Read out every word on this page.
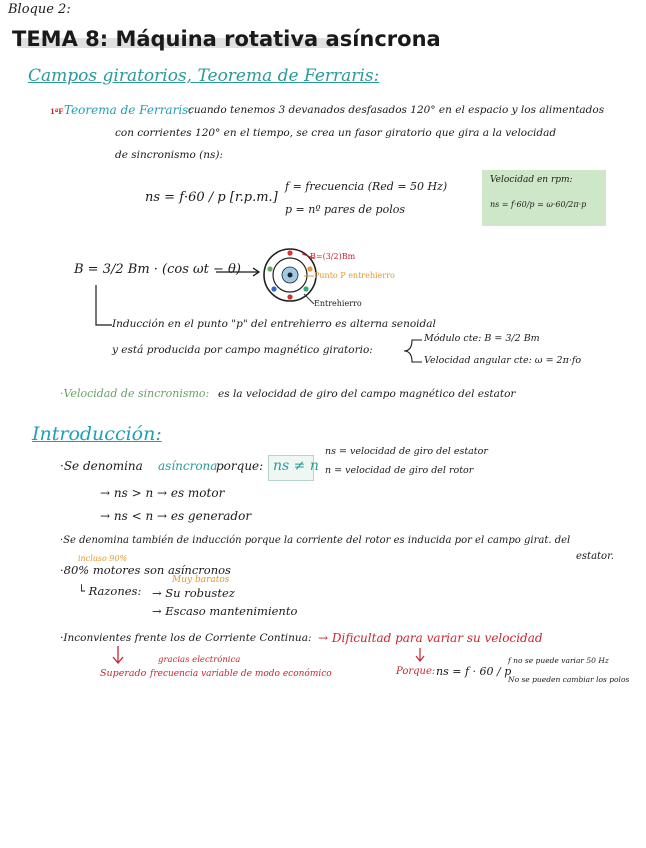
Bloque 2:
TEMA 8: Máquina rotativa asíncrona
Campos giratorios, Teorema de Ferraris:
1ªF Teorema de Ferraris:
cuando tenemos 3 devanados desfasados 120° en el espacio y los alimentados
con corrientes 120° en el tiempo, se crea un fasor giratorio que gira a la velocidad
de sincronismo (ns):
ns = f·60 / p [r.p.m.]
f = frecuencia (Red = 50 Hz)
p = nº pares de polos
Velocidad en rpm:
ns = f·60/p = ω·60/2π·p
B = 3/2 Bm · (cos ωt − θ)
B=(3/2)Bm
Punto P entrehierro
Entrehierro
Inducción en el punto "p" del entrehierro es alterna senoidal
y está producida por campo magnético giratorio:
Módulo cte: B = 3/2 Bm
Velocidad angular cte: ω = 2π·fo
·Velocidad de sincronismo: es la velocidad de giro del campo magnético del estator
Introducción:
·Se denomina asíncrona
porque: ns ≠ n
ns = velocidad de giro del estator
n = velocidad de giro del rotor
→ ns > n → es motor
→ ns < n → es generador
·Se denomina también de inducción porque la corriente del rotor es inducida por el campo girat. del
estator.
incluso 90%
·80% motores son asíncronos
Muy baratos
└ Razones: → Su robustez
→ Escaso mantenimiento
·Inconvientes frente los de Corriente Continua: → Dificultad para variar su velocidad
gracias electrónica
Superado frecuencia variable de modo económico	Porque: ns = f · 60 / p
f no se puede variar 50 Hz
No se pueden cambiar los polos
